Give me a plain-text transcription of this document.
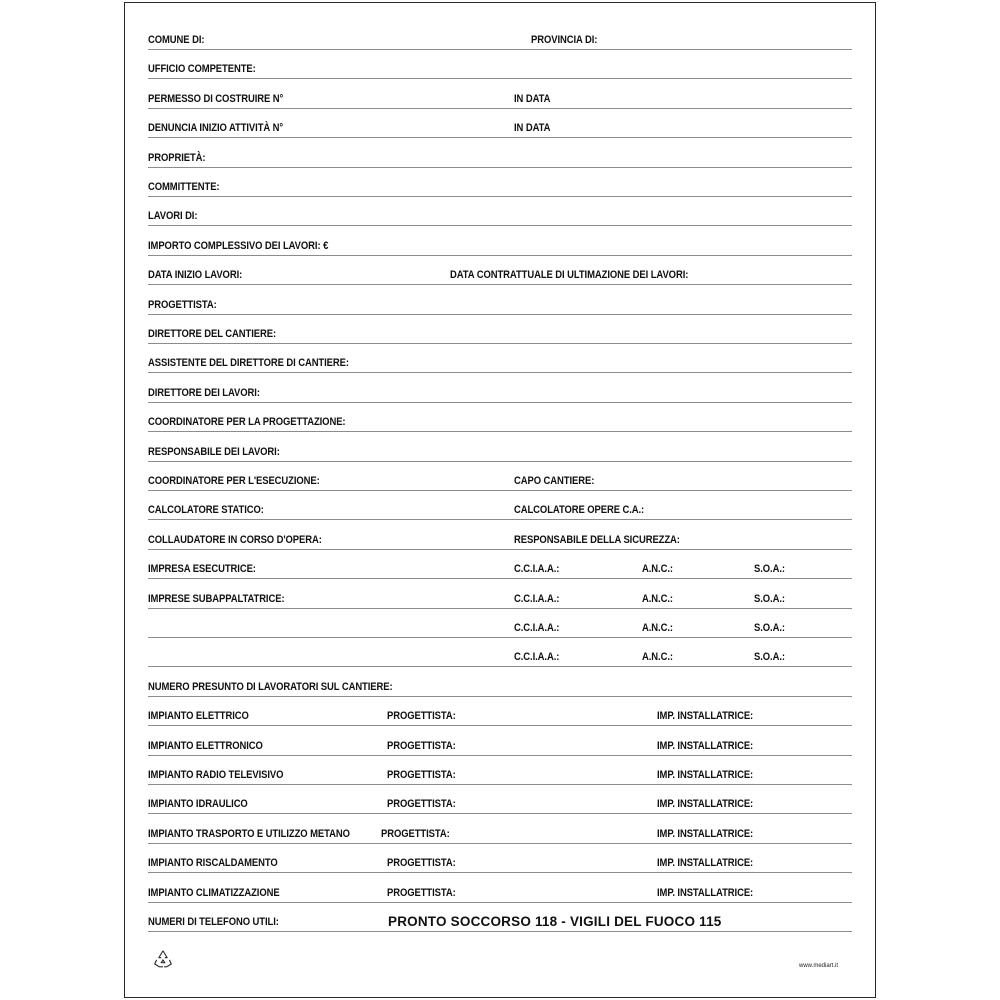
COMUNE DI:	PROVINCIA DI:
UFFICIO COMPETENTE:
PERMESSO DI COSTRUIRE N°	IN DATA
DENUNCIA INIZIO ATTIVITÀ N°	IN DATA
PROPRIETÀ:
COMMITTENTE:
LAVORI DI:
IMPORTO COMPLESSIVO DEI LAVORI: €
DATA INIZIO LAVORI:	DATA CONTRATTUALE DI ULTIMAZIONE DEI LAVORI:
PROGETTISTA:
DIRETTORE DEL CANTIERE:
ASSISTENTE DEL DIRETTORE DI CANTIERE:
DIRETTORE DEI LAVORI:
COORDINATORE PER LA PROGETTAZIONE:
RESPONSABILE DEI LAVORI:
COORDINATORE PER L'ESECUZIONE:	CAPO CANTIERE:
CALCOLATORE STATICO:	CALCOLATORE OPERE C.A.:
COLLAUDATORE IN CORSO D'OPERA:	RESPONSABILE DELLA SICUREZZA:
IMPRESA ESECUTRICE:	C.C.I.A.A.:	A.N.C.:	S.O.A.:
IMPRESE SUBAPPALTATRICE:	C.C.I.A.A.:	A.N.C.:	S.O.A.:
C.C.I.A.A.:	A.N.C.:	S.O.A.:
C.C.I.A.A.:	A.N.C.:	S.O.A.:
NUMERO PRESUNTO DI LAVORATORI SUL CANTIERE:
IMPIANTO ELETTRICO	PROGETTISTA:	IMP. INSTALLATRICE:
IMPIANTO ELETTRONICO	PROGETTISTA:	IMP. INSTALLATRICE:
IMPIANTO RADIO TELEVISIVO	PROGETTISTA:	IMP. INSTALLATRICE:
IMPIANTO IDRAULICO	PROGETTISTA:	IMP. INSTALLATRICE:
IMPIANTO TRASPORTO E UTILIZZO METANO	PROGETTISTA:	IMP. INSTALLATRICE:
IMPIANTO RISCALDAMENTO	PROGETTISTA:	IMP. INSTALLATRICE:
IMPIANTO CLIMATIZZAZIONE	PROGETTISTA:	IMP. INSTALLATRICE:
NUMERI DI TELEFONO UTILI:	PRONTO SOCCORSO 118 - VIGILI DEL FUOCO 115
www.mediart.it
